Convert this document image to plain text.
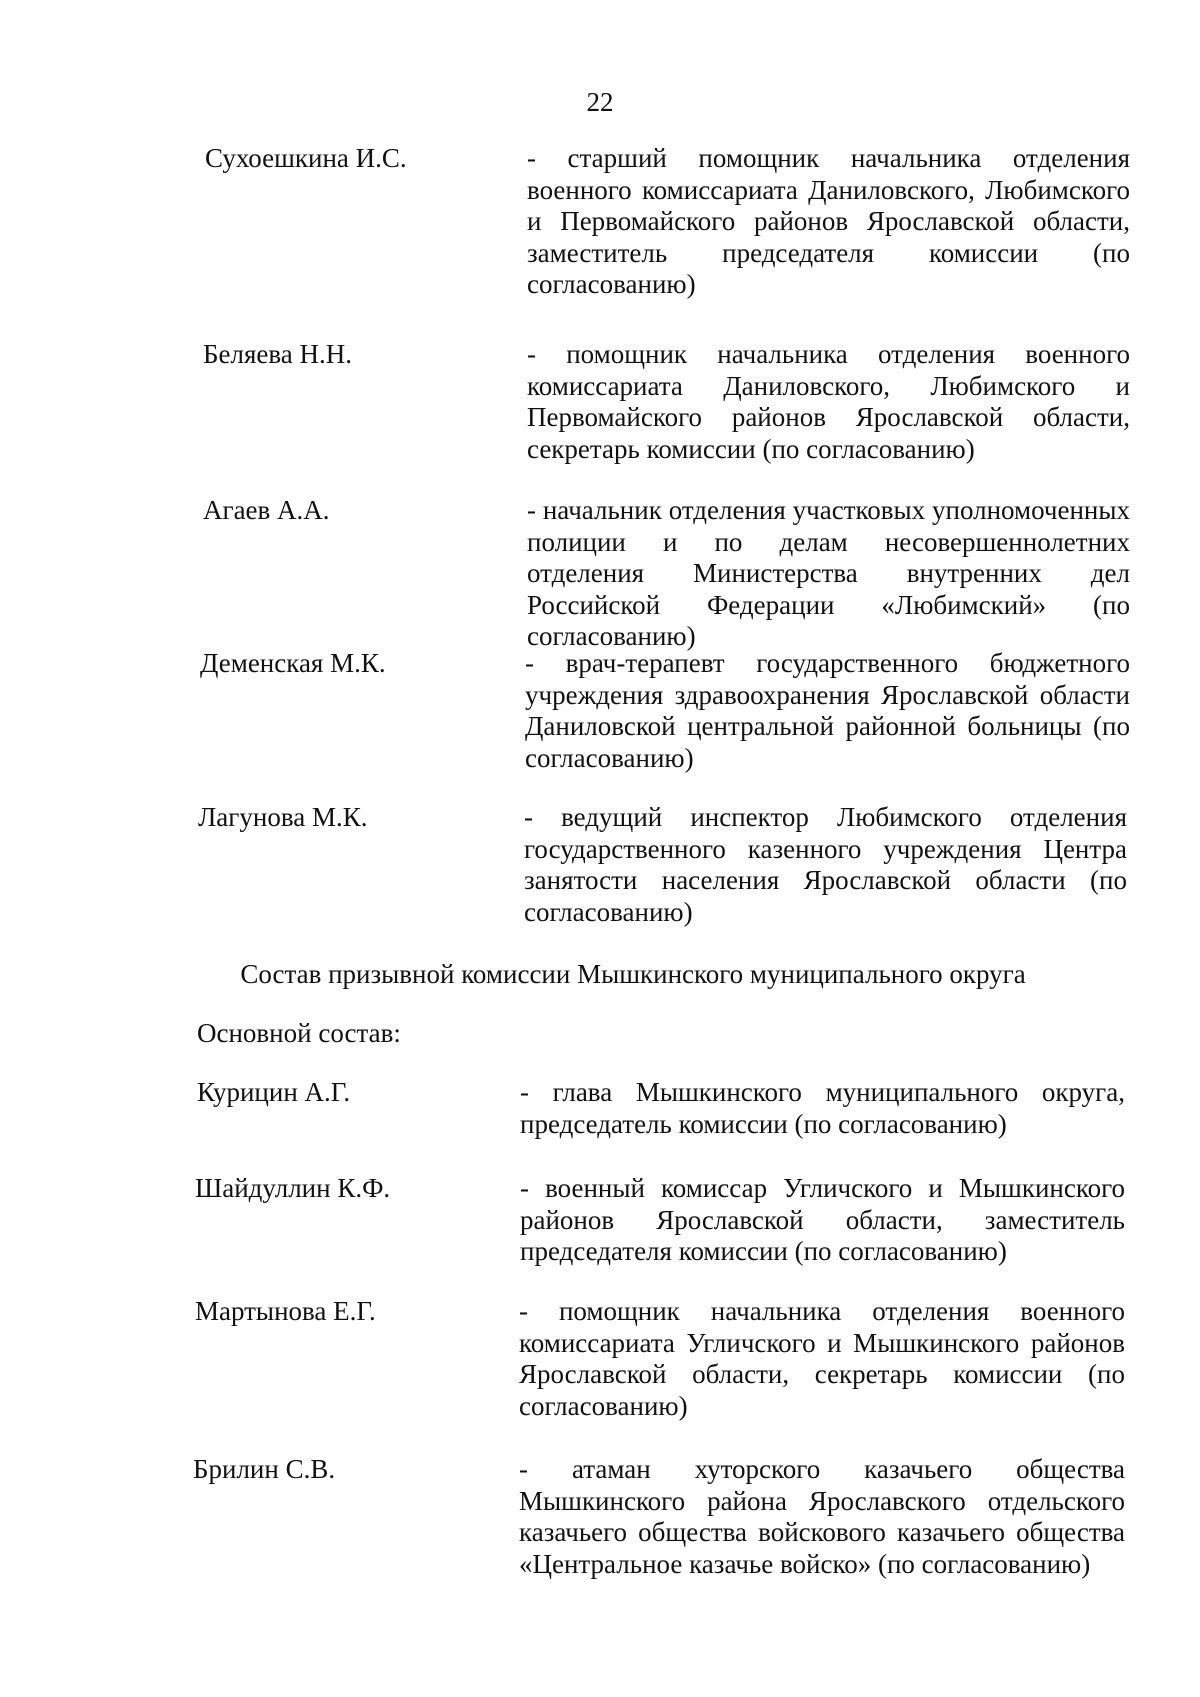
22
Сухоешкина И.С.	- старший помощник начальника отделения военного комиссариата Даниловского, Любимского и Первомайского районов Ярославской области, заместитель председателя комиссии (по согласованию)
Беляева Н.Н.	- помощник начальника отделения военного комиссариата Даниловского, Любимского и Первомайского районов Ярославской области, секретарь комиссии (по согласованию)
Агаев А.А.	- начальник отделения участковых уполномоченных полиции и по делам несовершеннолетних отделения Министерства внутренних дел Российской Федерации «Любимский» (по согласованию)
Деменская М.К.	- врач-терапевт государственного бюджетного учреждения здравоохранения Ярославской области Даниловской центральной районной больницы (по согласованию)
Лагунова М.К.	- ведущий инспектор Любимского отделения государственного казенного учреждения Центра занятости населения Ярославской области (по согласованию)
Состав призывной комиссии Мышкинского муниципального округа
Основной состав:
Курицин А.Г.	- глава Мышкинского муниципального округа, председатель комиссии (по согласованию)
Шайдуллин К.Ф.	- военный комиссар Угличского и Мышкинского районов Ярославской области, заместитель председателя комиссии (по согласованию)
Мартынова Е.Г.	- помощник начальника отделения военного комиссариата Угличского и Мышкинского районов Ярославской области, секретарь комиссии (по согласованию)
Брилин С.В.	- атаман хуторского казачьего общества Мышкинского района Ярославского отдельского казачьего общества войскового казачьего общества «Центральное казачье войско» (по согласованию)
